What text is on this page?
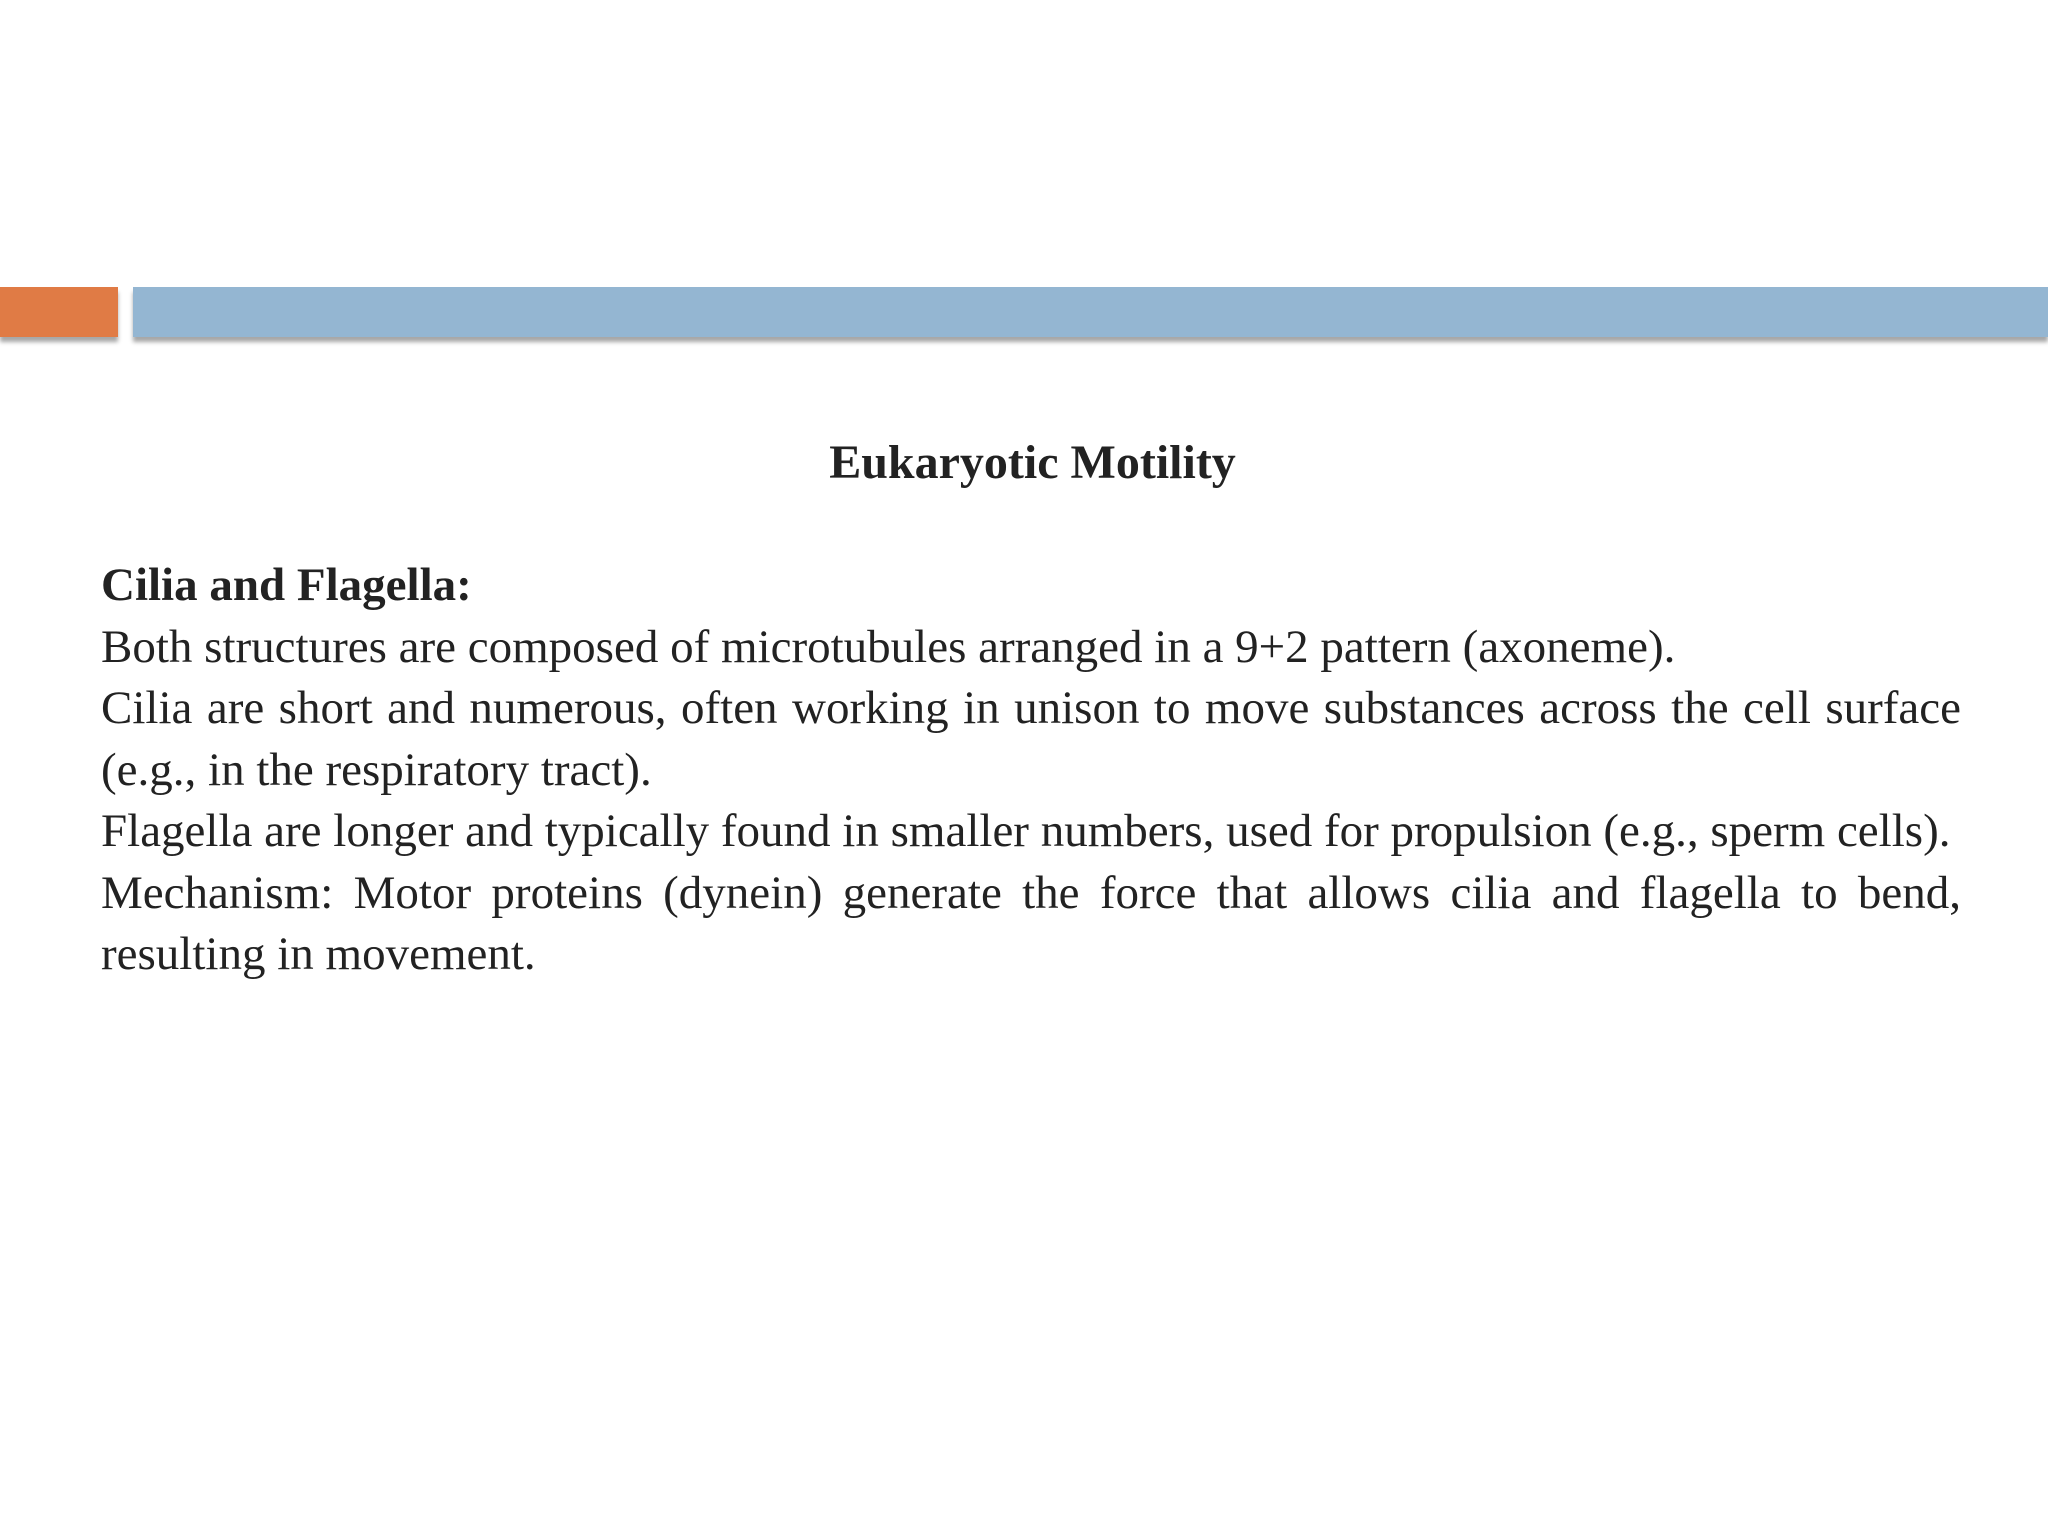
Eukaryotic Motility

Cilia and Flagella:

Both structures are composed of microtubules arranged in a 9+2 pattern (axoneme).

Cilia are short and numerous, often working in unison to move substances across the cell surface (e.g., in the respiratory tract).

Flagella are longer and typically found in smaller numbers, used for propulsion (e.g., sperm cells).

Mechanism: Motor proteins (dynein) generate the force that allows cilia and flagella to bend, resulting in movement.
